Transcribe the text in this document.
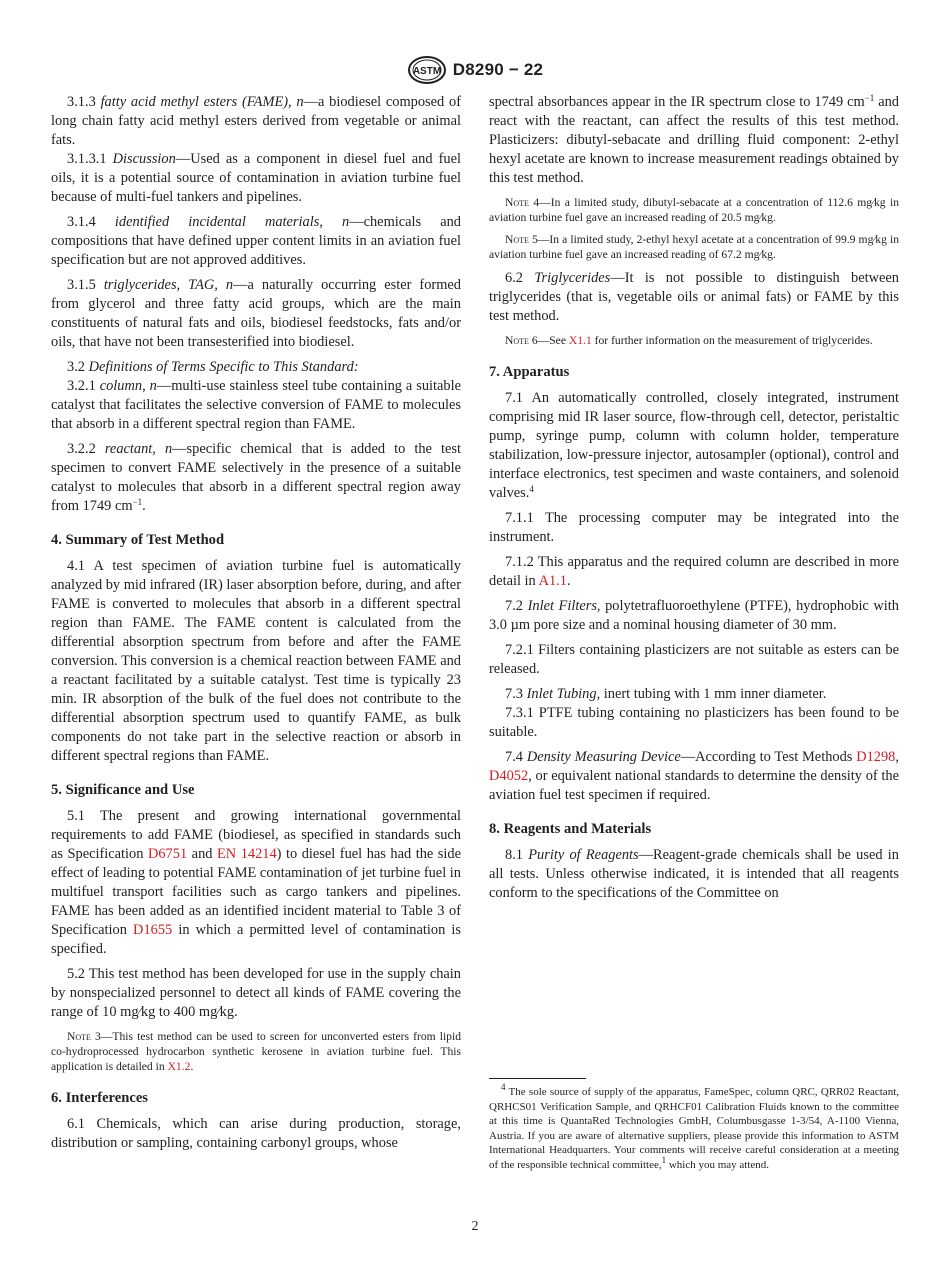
ASTM D8290 − 22

3.1.3 fatty acid methyl esters (FAME), n—a biodiesel composed of long chain fatty acid methyl esters derived from vegetable or animal fats.

3.1.3.1 Discussion—Used as a component in diesel fuel and fuel oils, it is a potential source of contamination in aviation turbine fuel because of multi-fuel tankers and pipelines.

3.1.4 identified incidental materials, n—chemicals and compositions that have defined upper content limits in an aviation fuel specification but are not approved additives.

3.1.5 triglycerides, TAG, n—a naturally occurring ester formed from glycerol and three fatty acid groups, which are the main constituents of natural fats and oils, biodiesel feedstocks, fats and/or oils, that have not been transesterified into biodiesel.

3.2 Definitions of Terms Specific to This Standard:

3.2.1 column, n—multi-use stainless steel tube containing a suitable catalyst that facilitates the selective conversion of FAME to molecules that absorb in a different spectral region than FAME.

3.2.2 reactant, n—specific chemical that is added to the test specimen to convert FAME selectively in the presence of a suitable catalyst to molecules that absorb in a different spectral region away from 1749 $cm^{-1}$.

4. Summary of Test Method

4.1 A test specimen of aviation turbine fuel is automatically analyzed by mid infrared (IR) laser absorption before, during, and after FAME is converted to molecules that absorb in a different spectral region than FAME. The FAME content is calculated from the differential absorption spectrum from before and after the FAME conversion. This conversion is a chemical reaction between FAME and a reactant facilitated by a suitable catalyst. Test time is typically 23 min. IR absorption of the bulk of the fuel does not contribute to the differential absorption spectrum used to quantify FAME, as bulk components do not take part in the selective reaction or absorb in different spectral regions than FAME.

5. Significance and Use

5.1 The present and growing international governmental requirements to add FAME (biodiesel, as specified in standards such as Specification D6751 and EN 14214) to diesel fuel has had the side effect of leading to potential FAME contamination of jet turbine fuel in multifuel transport facilities such as cargo tankers and pipelines. FAME has been added as an identified incident material to Table 3 of Specification D1655 in which a permitted level of contamination is specified.

5.2 This test method has been developed for use in the supply chain by nonspecialized personnel to detect all kinds of FAME covering the range of 10 mg⁄kg to 400 mg⁄kg.

Note 3—This test method can be used to screen for unconverted esters from lipid co-hydroprocessed hydrocarbon synthetic kerosene in aviation turbine fuel. This application is detailed in X1.2.
6. Interferences

6.1 Chemicals, which can arise during production, storage, distribution or sampling, containing carbonyl groups, whose

spectral absorbances appear in the IR spectrum close to 1749 $cm^{-1}$ and react with the reactant, can affect the results of this test method. Plasticizers: dibutyl-sebacate and drilling fluid component: 2-ethyl hexyl acetate are known to increase measurement readings obtained by this test method.

Note 4—In a limited study, dibutyl-sebacate at a concentration of 112.6 mg⁄kg in aviation turbine fuel gave an increased reading of 20.5 mg⁄kg.
Note 5—In a limited study, 2-ethyl hexyl acetate at a concentration of 99.9 mg⁄kg in aviation turbine fuel gave an increased reading of 67.2 mg⁄kg.

6.2 Triglycerides—It is not possible to distinguish between triglycerides (that is, vegetable oils or animal fats) or FAME by this test method.

Note 6—See X1.1 for further information on the measurement of triglycerides.
7. Apparatus

7.1 An automatically controlled, closely integrated, instrument comprising mid IR laser source, flow-through cell, detector, peristaltic pump, syringe pump, column with column holder, temperature stabilization, low-pressure injector, autosampler (optional), control and interface electronics, test specimen and waste containers, and solenoid valves.$^4$

7.1.1 The processing computer may be integrated into the instrument.

7.1.2 This apparatus and the required column are described in more detail in A1.1.

7.2 Inlet Filters, polytetrafluoroethylene (PTFE), hydrophobic with 3.0 µm pore size and a nominal housing diameter of 30 mm.

7.2.1 Filters containing plasticizers are not suitable as esters can be released.

7.3 Inlet Tubing, inert tubing with 1 mm inner diameter.

7.3.1 PTFE tubing containing no plasticizers has been found to be suitable.

7.4 Density Measuring Device—According to Test Methods D1298, D4052, or equivalent national standards to determine the density of the aviation fuel test specimen if required.

8. Reagents and Materials

8.1 Purity of Reagents—Reagent-grade chemicals shall be used in all tests. Unless otherwise indicated, it is intended that all reagents conform to the specifications of the Committee on

$^4$ The sole source of supply of the apparatus, FameSpec, column QRC, QRR02 Reactant, QRHCS01 Verification Sample, and QRHCF01 Calibration Fluids known to the committee at this time is QuantaRed Technologies GmbH, Columbusgasse 1-3/54, A-1100 Vienna, Austria. If you are aware of alternative suppliers, please provide this information to ASTM International Headquarters. Your comments will receive careful consideration at a meeting of the responsible technical committee,$^1$ which you may attend.

2
